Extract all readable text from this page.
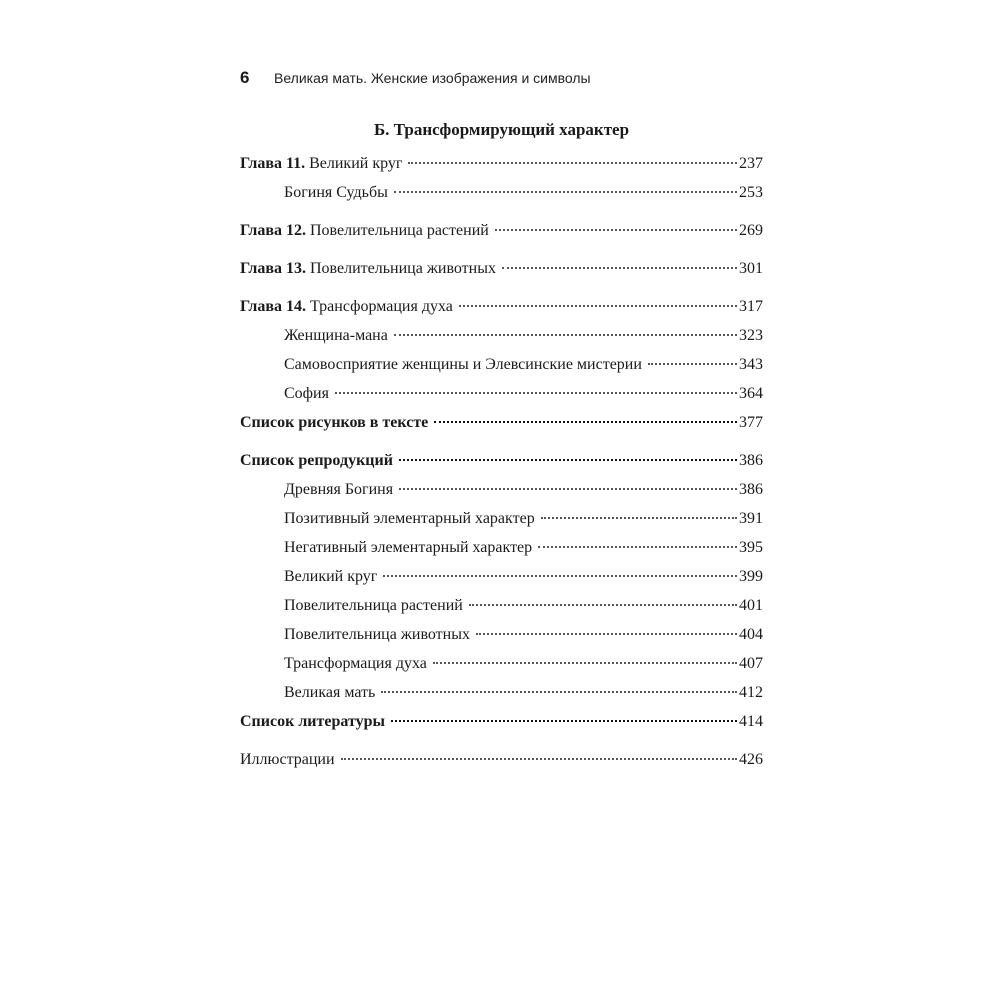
6	Великая мать. Женские изображения и символы
Б. Трансформирующий характер
Глава 11. Великий круг	237
Богиня Судьбы	253
Глава 12. Повелительница растений	269
Глава 13. Повелительница животных	301
Глава 14. Трансформация духа	317
Женщина-мана	323
Самовосприятие женщины и Элевсинские мистерии	343
София	364
Список рисунков в тексте	377
Список репродукций	386
Древняя Богиня	386
Позитивный элементарный характер	391
Негативный элементарный характер	395
Великий круг	399
Повелительница растений	401
Повелительница животных	404
Трансформация духа	407
Великая мать	412
Список литературы	414
Иллюстрации	426
